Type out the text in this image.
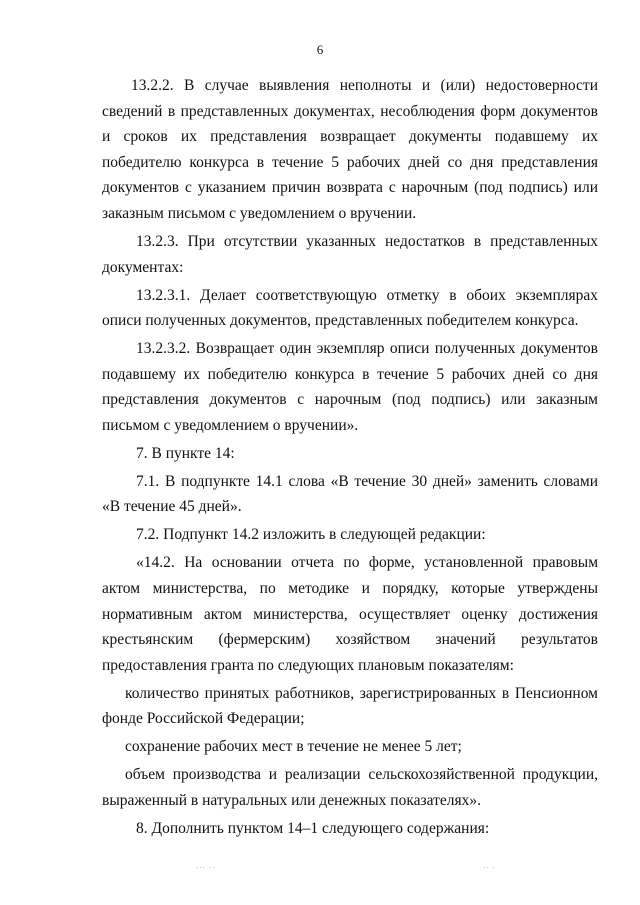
6

13.2.2. В случае выявления неполноты и (или) недостоверности сведений в представленных документах, несоблюдения форм документов и сроков их представления возвращает документы подавшему их победителю конкурса в течение 5 рабочих дней со дня представления документов с указанием причин возврата с нарочным (под подпись) или заказным письмом с уведомлением о вручении.

13.2.3. При отсутствии указанных недостатков в представленных документах:

13.2.3.1. Делает соответствующую отметку в обоих экземплярах описи полученных документов, представленных победителем конкурса.

13.2.3.2. Возвращает один экземпляр описи полученных документов подавшему их победителю конкурса в течение 5 рабочих дней со дня представления документов с нарочным (под подпись) или заказным письмом с уведомлением о вручении».

7. В пункте 14:

7.1. В подпункте 14.1 слова «В течение 30 дней» заменить словами «В течение 45 дней».

7.2. Подпункт 14.2 изложить в следующей редакции:

«14.2. На основании отчета по форме, установленной правовым актом министерства, по методике и порядку, которые утверждены нормативным актом министерства, осуществляет оценку достижения крестьянским (фермерским) хозяйством значений результатов предоставления гранта по следующих плановым показателям:

количество принятых работников, зарегистрированных в Пенсионном фонде Российской Федерации;

сохранение рабочих мест в течение не менее 5 лет;

объем производства и реализации сельскохозяйственной продукции, выраженный в натуральных или денежных показателях».

8. Дополнить пунктом 14–1 следующего содержания:

··· ··	·· ·
